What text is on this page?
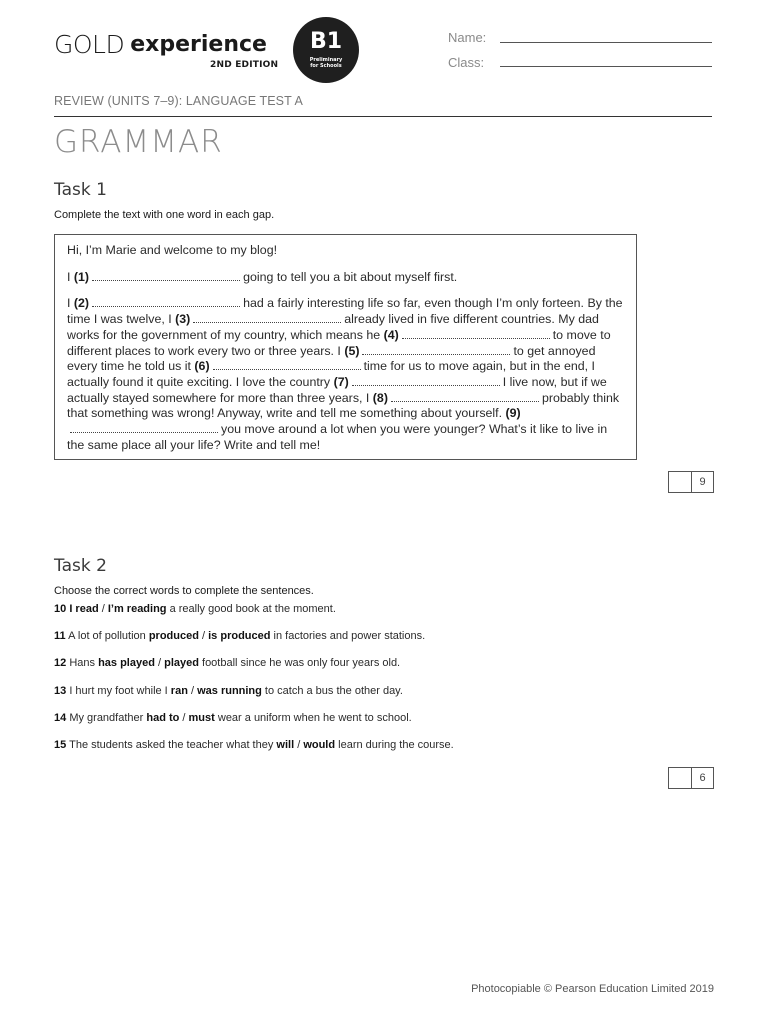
GOLD experience
2ND EDITION
B1
Preliminary for Schools
Name:
Class:
REVIEW (UNITS 7–9): LANGUAGE TEST A
GRAMMAR
Task 1
Complete the text with one word in each gap.

Hi, I’m Marie and welcome to my blog!

I (1)	going to tell you a bit about myself first.

I (2)	had a fairly interesting life so far, even though I’m only forteen. By the time I was twelve, I (3)	already lived in five different countries. My dad works for the government of my country, which means he (4)	to move to different places to work every two or three years. I (5)	to get annoyed every time he told us it (6)	time for us to move again, but in the end, I actually found it quite exciting. I love the country (7)	I live now, but if we actually stayed somewhere for more than three years, I (8)	probably think that something was wrong! Anyway, write and tell me something about yourself. (9)you move around a lot when you were younger? What’s it like to live in the same place all your life? Write and tell me!

9
Task 2
Choose the correct words to complete the sentences.
10 I read / I’m reading a really good book at the moment.
11 A lot of pollution produced / is produced in factories and power stations.
12 Hans has played / played football since he was only four years old.
13 I hurt my foot while I ran / was running to catch a bus the other day.
14 My grandfather had to / must wear a uniform when he went to school.
15 The students asked the teacher what they will / would learn during the course.
6
Photocopiable © Pearson Education Limited 2019
